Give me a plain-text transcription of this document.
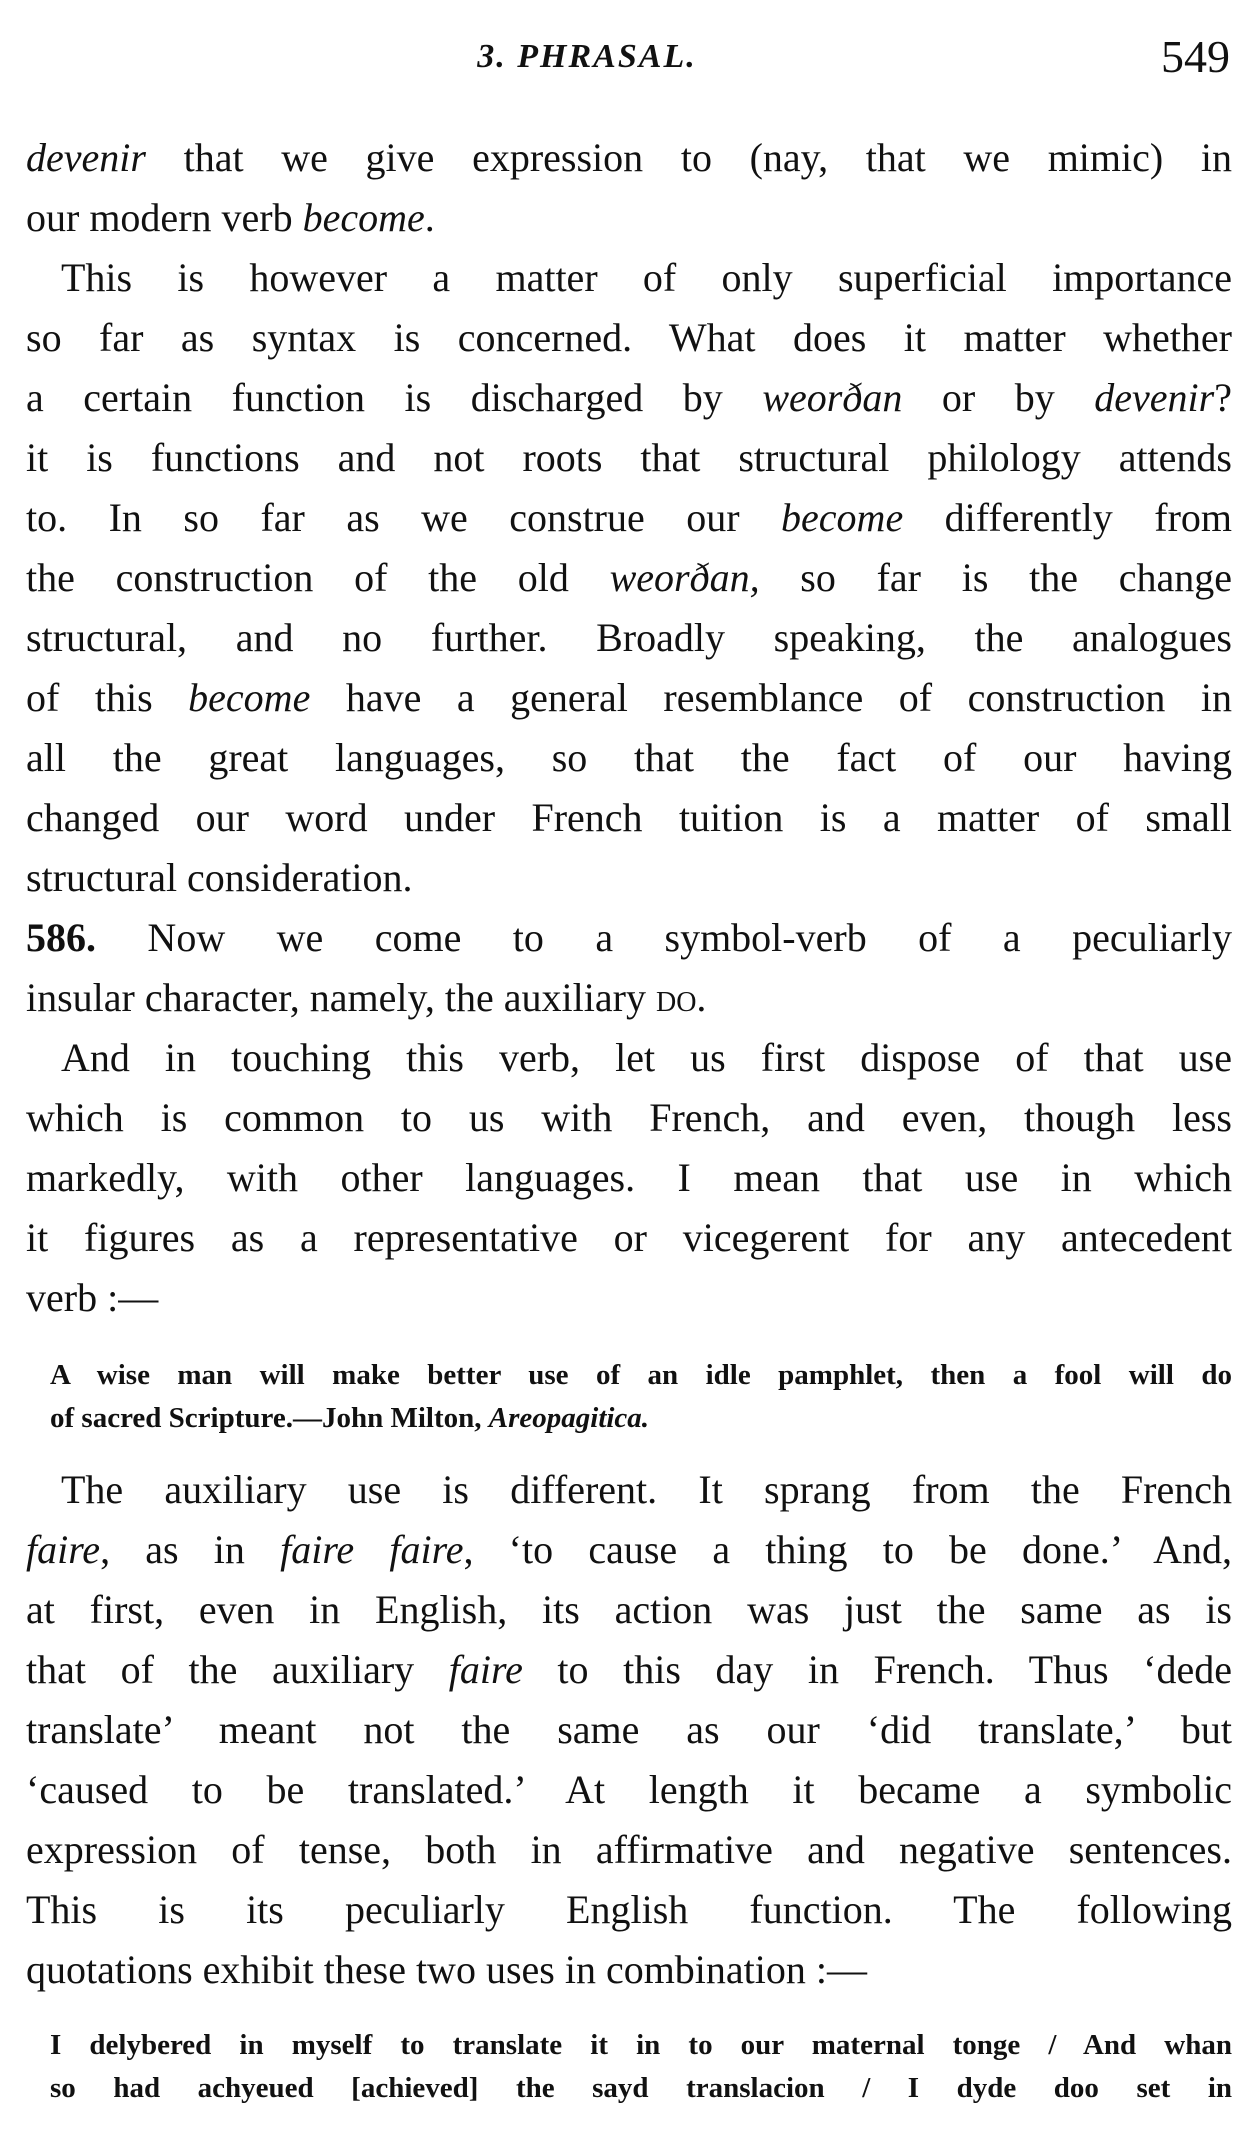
3. PHRASAL.	549
devenir that we give expression to (nay, that we mimic) in
our modern verb become.
This is however a matter of only superficial importance
so far as syntax is concerned. What does it matter whether
a certain function is discharged by weorðan or by devenir?
it is functions and not roots that structural philology attends
to. In so far as we construe our become differently from
the construction of the old weorðan, so far is the change
structural, and no further. Broadly speaking, the analogues
of this become have a general resemblance of construction in
all the great languages, so that the fact of our having
changed our word under French tuition is a matter of small
structural consideration.
586. Now we come to a symbol-verb of a peculiarly
insular character, namely, the auxiliary do.
And in touching this verb, let us first dispose of that use
which is common to us with French, and even, though less
markedly, with other languages. I mean that use in which
it figures as a representative or vicegerent for any antecedent
verb :—
A wise man will make better use of an idle pamphlet, then a fool will do
of sacred Scripture.—John Milton, Areopagitica.
The auxiliary use is different. It sprang from the French
faire, as in faire faire, ‘to cause a thing to be done.’ And,
at first, even in English, its action was just the same as is
that of the auxiliary faire to this day in French. Thus ‘dede
translate’ meant not the same as our ‘did translate,’ but
‘caused to be translated.’ At length it became a symbolic
expression of tense, both in affirmative and negative sentences.
This is its peculiarly English function. The following
quotations exhibit these two uses in combination :—
I delybered in myself to translate it in to our maternal tonge / And whan
so had achyeued [achieved] the sayd translacion / I dyde doo set in
